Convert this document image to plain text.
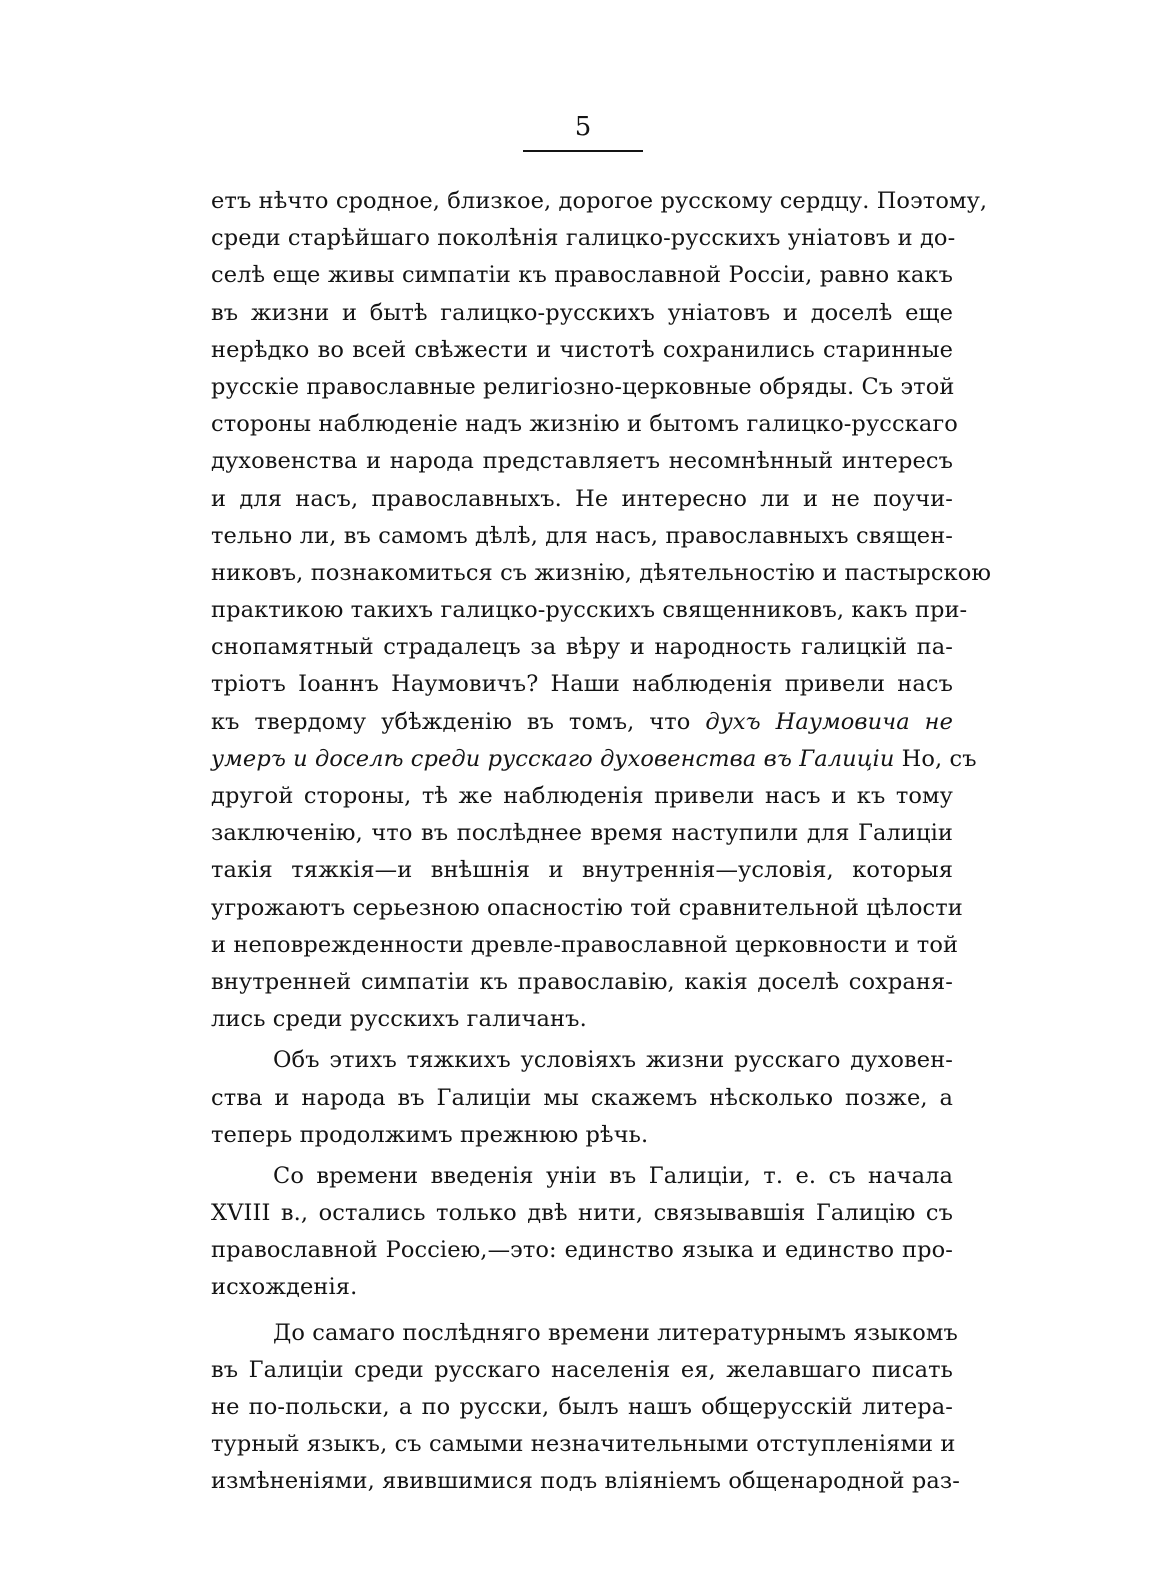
5
етъ нѣчто сродное, близкое, дорогое русскому сердцу. Поэтому,
среди старѣйшаго поколѣнія галицко-русскихъ уніатовъ и до-
селѣ еще живы симпатіи къ православной Россіи, равно какъ
въ жизни и бытѣ галицко-русскихъ уніатовъ и доселѣ еще
нерѣдко во всей свѣжести и чистотѣ сохранились старинные
русскіе православные религіозно-церковные обряды. Съ этой
стороны наблюденіе надъ жизнію и бытомъ галицко-русскаго
духовенства и народа представляетъ несомнѣнный интересъ
и для насъ, православныхъ. Не интересно ли и не поучи-
тельно ли, въ самомъ дѣлѣ, для насъ, православныхъ священ-
никовъ, познакомиться съ жизнію, дѣятельностію и пастырскою
практикою такихъ галицко-русскихъ священниковъ, какъ при-
снопамятный страдалецъ за вѣру и народность галицкій па-
тріотъ Іоаннъ Наумовичъ? Наши наблюденія привели насъ
къ твердому убѣжденію въ томъ, что духъ Наумовича не
умеръ и доселѣ среди русскаго духовенства въ Галиціи Но, съ
другой стороны, тѣ же наблюденія привели насъ и къ тому
заключенію, что въ послѣднее время наступили для Галиціи
такія тяжкія—и внѣшнія и внутреннія—условія, которыя
угрожаютъ серьезною опасностію той сравнительной цѣлости
и неповрежденности древле-православной церковности и той
внутренней симпатіи къ православію, какія доселѣ сохраня-
лись среди русскихъ галичанъ.
Объ этихъ тяжкихъ условіяхъ жизни русскаго духовен-
ства и народа въ Галиціи мы скажемъ нѣсколько позже, а
теперь продолжимъ прежнюю рѣчь.
Со времени введенія уніи въ Галиціи, т. е. съ начала
XVIII в., остались только двѣ нити, связывавшія Галицію съ
православной Россіею,—это: единство языка и единство про-
исхожденія.
До самаго послѣдняго времени литературнымъ языкомъ
въ Галиціи среди русскаго населенія ея, желавшаго писать
не по-польски, а по русски, былъ нашъ общерусскій литера-
турный языкъ, съ самыми незначительными отступленіями и
измѣненіями, явившимися подъ вліяніемъ общенародной раз-
